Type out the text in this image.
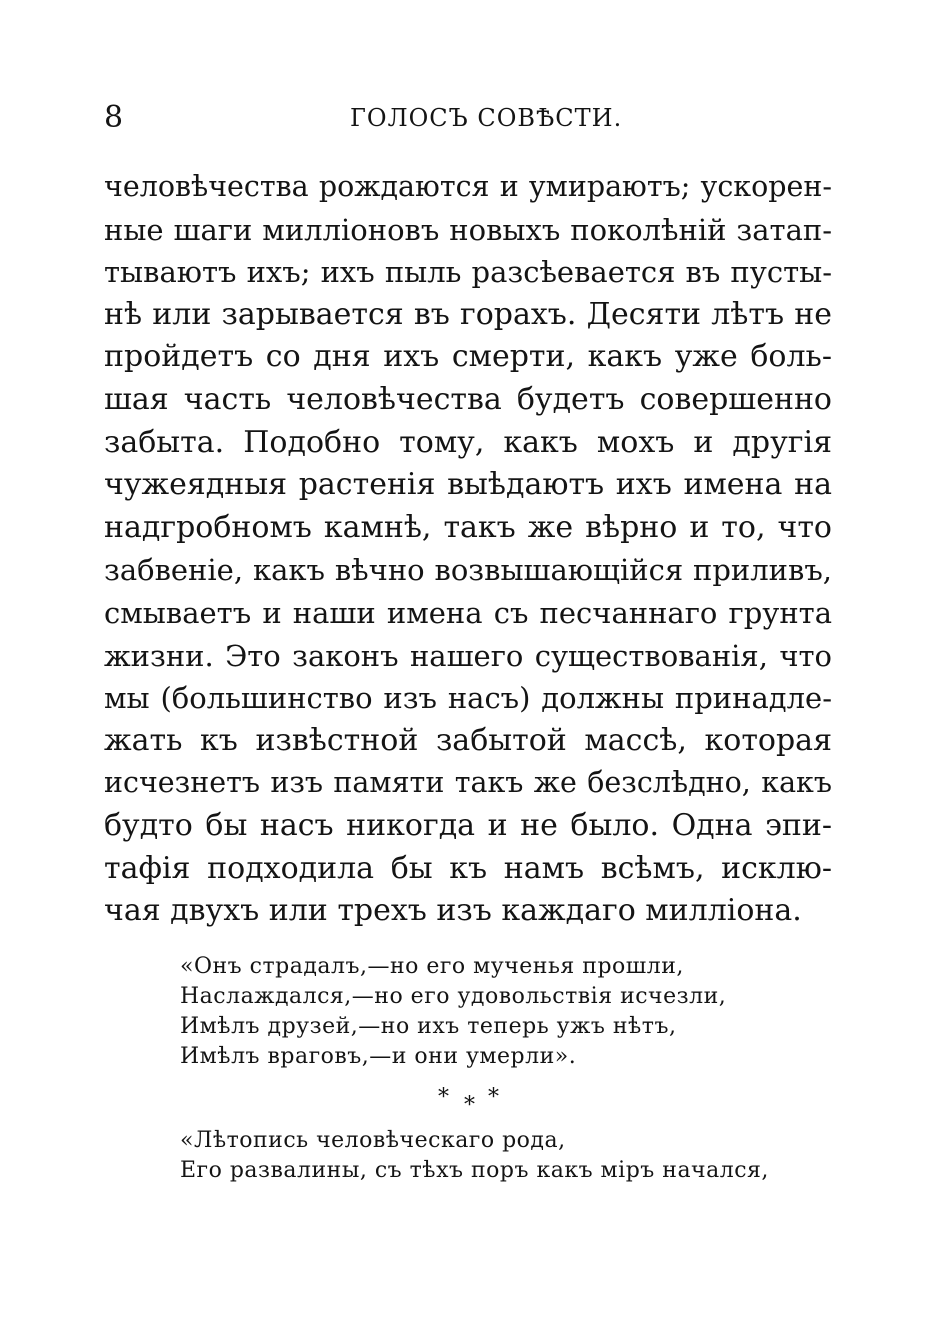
8	ГОЛОСЪ СОВѢСТИ.
человѣчества рождаются и умираютъ; ускорен-
ные шаги милліоновъ новыхъ поколѣній затап-
тываютъ ихъ; ихъ пыль разсѣевается въ пусты-
нѣ или зарывается въ горахъ. Десяти лѣтъ не
пройдетъ со дня ихъ смерти, какъ уже боль-
шая часть человѣчества будетъ совершенно
забыта. Подобно тому, какъ мохъ и другія
чужеядныя растенія выѣдаютъ ихъ имена на
надгробномъ камнѣ, такъ же вѣрно и то, что
забвеніе, какъ вѣчно возвышающійся приливъ,
смываетъ и наши имена съ песчаннаго грунта
жизни. Это законъ нашего существованія, что
мы (большинство изъ насъ) должны принадле-
жать къ извѣстной забытой массѣ, которая
исчезнетъ изъ памяти такъ же безслѣдно, какъ
будто бы насъ никогда и не было. Одна эпи-
тафія подходила бы къ намъ всѣмъ, исклю-
чая двухъ или трехъ изъ каждаго милліона.
«Онъ страдалъ,—но его мученья прошли,
Наслаждался,—но его удовольствія исчезли,
Имѣлъ друзей,—но ихъ теперь ужъ нѣтъ,
Имѣлъ враговъ,—и они умерли».
* * *
«Лѣтопись человѣческаго рода,
Его развалины, съ тѣхъ поръ какъ міръ начался,
